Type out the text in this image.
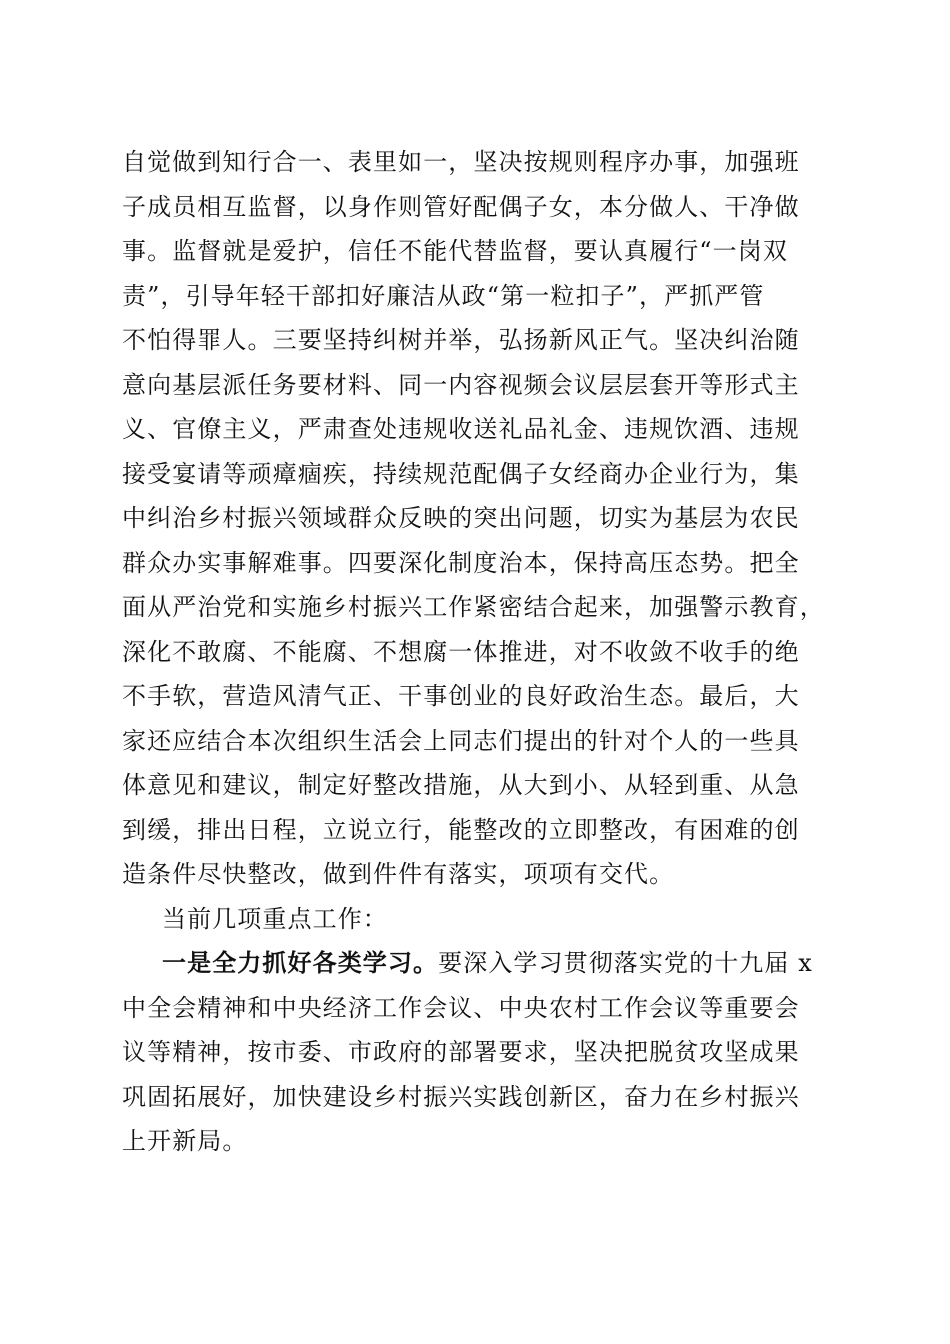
自觉做到知行合一、表里如一，坚决按规则程序办事，加强班
子成员相互监督，以身作则管好配偶子女，本分做人、干净做
事。监督就是爱护，信任不能代替监督，要认真履行“一岗双
责”，引导年轻干部扣好廉洁从政“第一粒扣子”，严抓严管
不怕得罪人。三要坚持纠树并举，弘扬新风正气。坚决纠治随
意向基层派任务要材料、同一内容视频会议层层套开等形式主
义、官僚主义，严肃查处违规收送礼品礼金、违规饮酒、违规
接受宴请等顽瘴痼疾，持续规范配偶子女经商办企业行为，集
中纠治乡村振兴领域群众反映的突出问题，切实为基层为农民
群众办实事解难事。四要深化制度治本，保持高压态势。把全
面从严治党和实施乡村振兴工作紧密结合起来，加强警示教育，
深化不敢腐、不能腐、不想腐一体推进，对不收敛不收手的绝
不手软，营造风清气正、干事创业的良好政治生态。最后，大
家还应结合本次组织生活会上同志们提出的针对个人的一些具
体意见和建议，制定好整改措施，从大到小、从轻到重、从急
到缓，排出日程，立说立行，能整改的立即整改，有困难的创
造条件尽快整改，做到件件有落实，项项有交代。
当前几项重点工作：
一是全力抓好各类学习。要深入学习贯彻落实党的十九届 x
中全会精神和中央经济工作会议、中央农村工作会议等重要会
议等精神，按市委、市政府的部署要求，坚决把脱贫攻坚成果
巩固拓展好，加快建设乡村振兴实践创新区，奋力在乡村振兴
上开新局。
